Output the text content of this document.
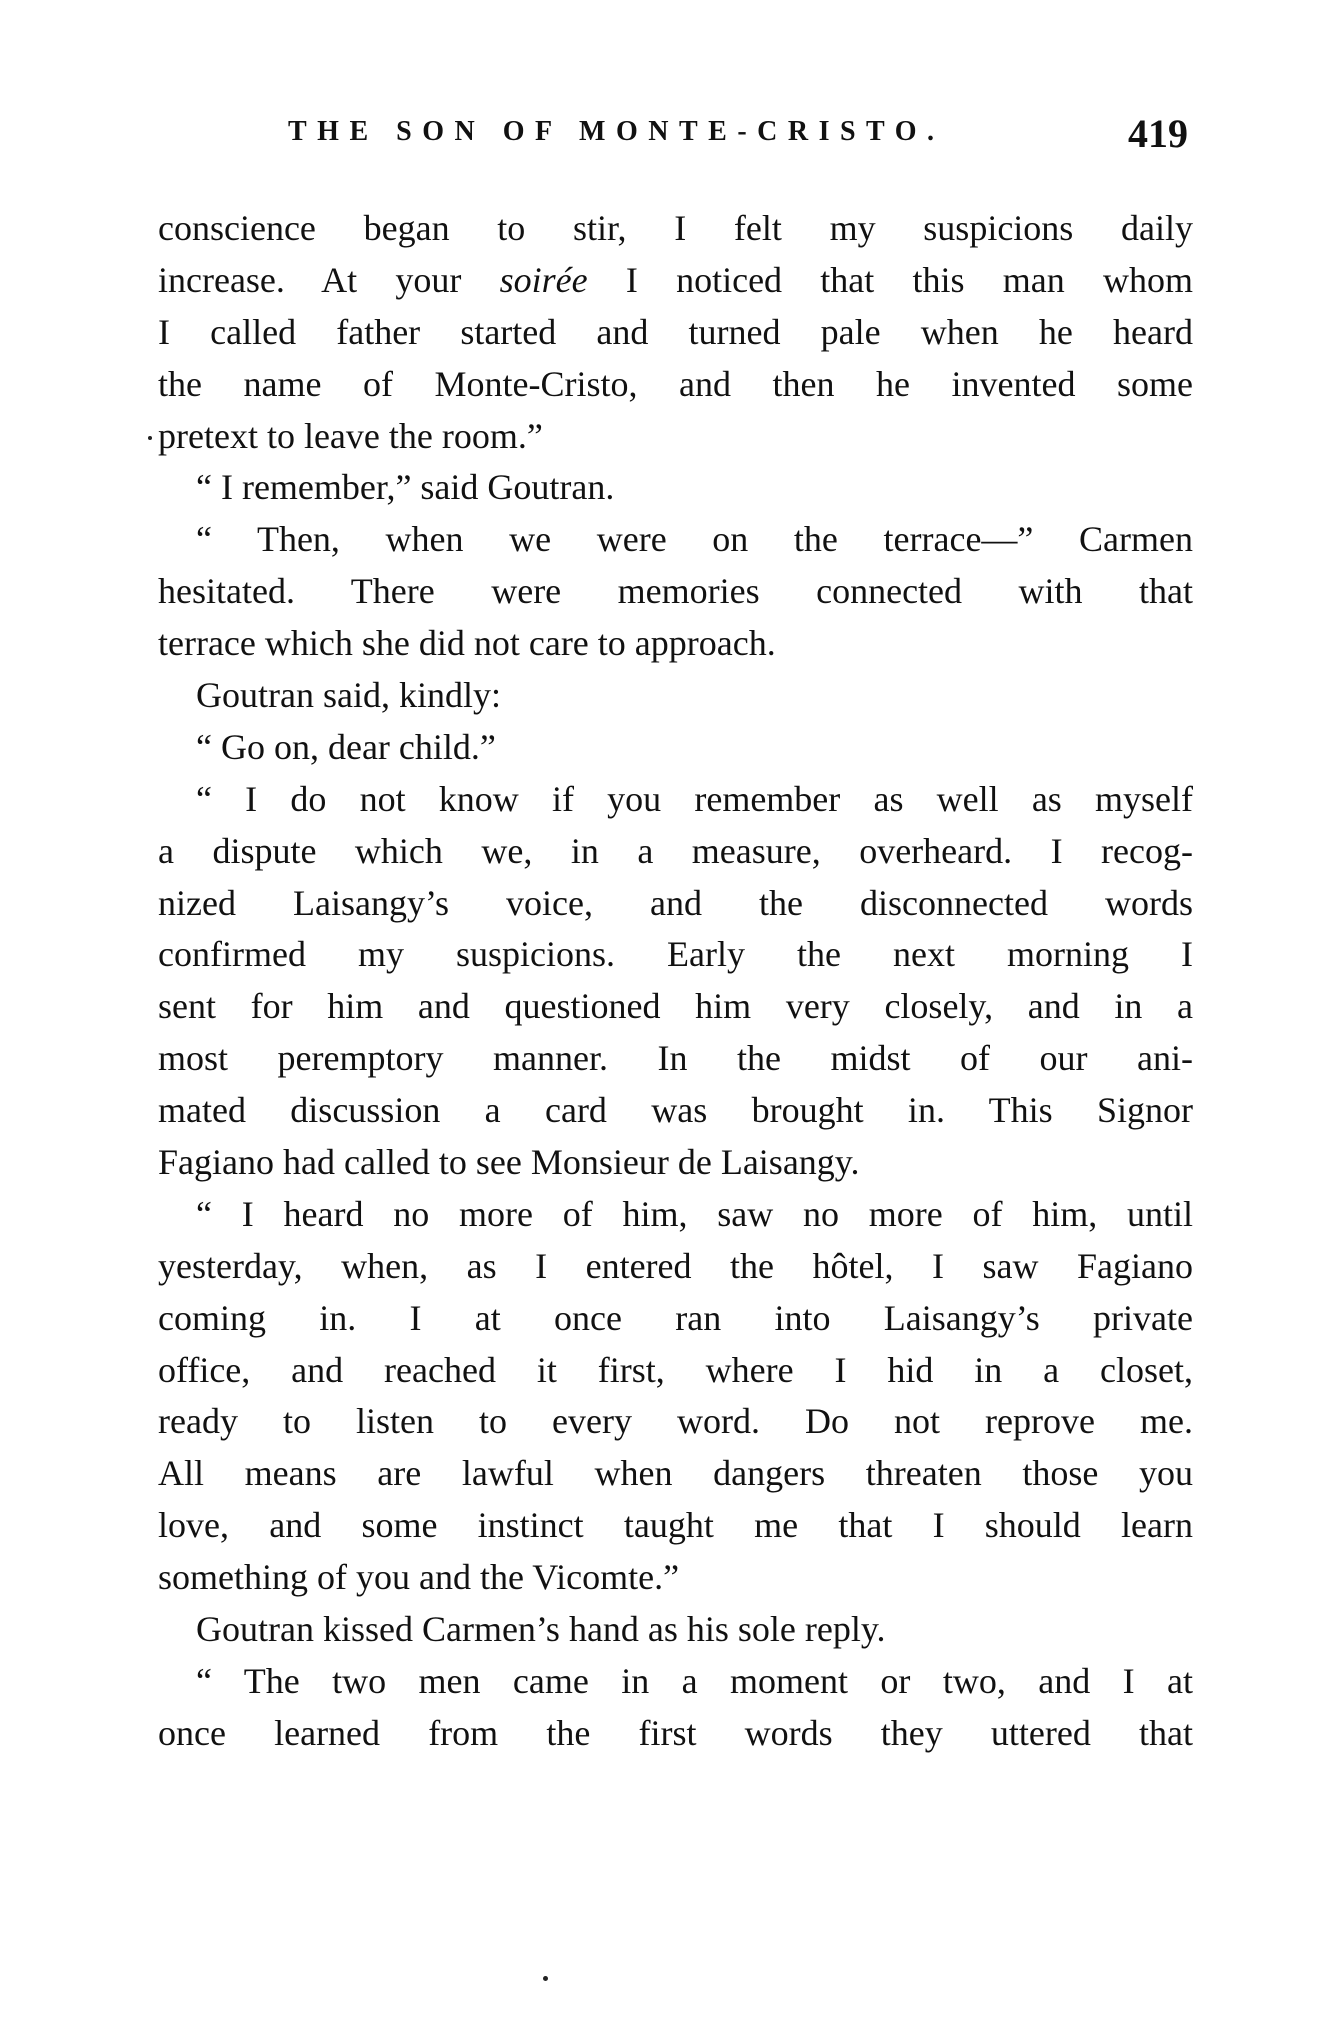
THE SON OF MONTE-CRISTO.	419
conscience began to stir, I felt my suspicions daily
increase. At your soirée I noticed that this man whom
I called father started and turned pale when he heard
the name of Monte-Cristo, and then he invented some
pretext to leave the room.”
“ I remember,” said Goutran.
“ Then, when we were on the terrace—” Carmen
hesitated. There were memories connected with that
terrace which she did not care to approach.
Goutran said, kindly:
“ Go on, dear child.”
“ I do not know if you remember as well as myself
a dispute which we, in a measure, overheard. I recog-
nized Laisangy’s voice, and the disconnected words
confirmed my suspicions. Early the next morning I
sent for him and questioned him very closely, and in a
most peremptory manner. In the midst of our ani-
mated discussion a card was brought in. This Signor
Fagiano had called to see Monsieur de Laisangy.
“ I heard no more of him, saw no more of him, until
yesterday, when, as I entered the hôtel, I saw Fagiano
coming in. I at once ran into Laisangy’s private
office, and reached it first, where I hid in a closet,
ready to listen to every word. Do not reprove me.
All means are lawful when dangers threaten those you
love, and some instinct taught me that I should learn
something of you and the Vicomte.”
Goutran kissed Carmen’s hand as his sole reply.
“ The two men came in a moment or two, and I at
once learned from the first words they uttered that
